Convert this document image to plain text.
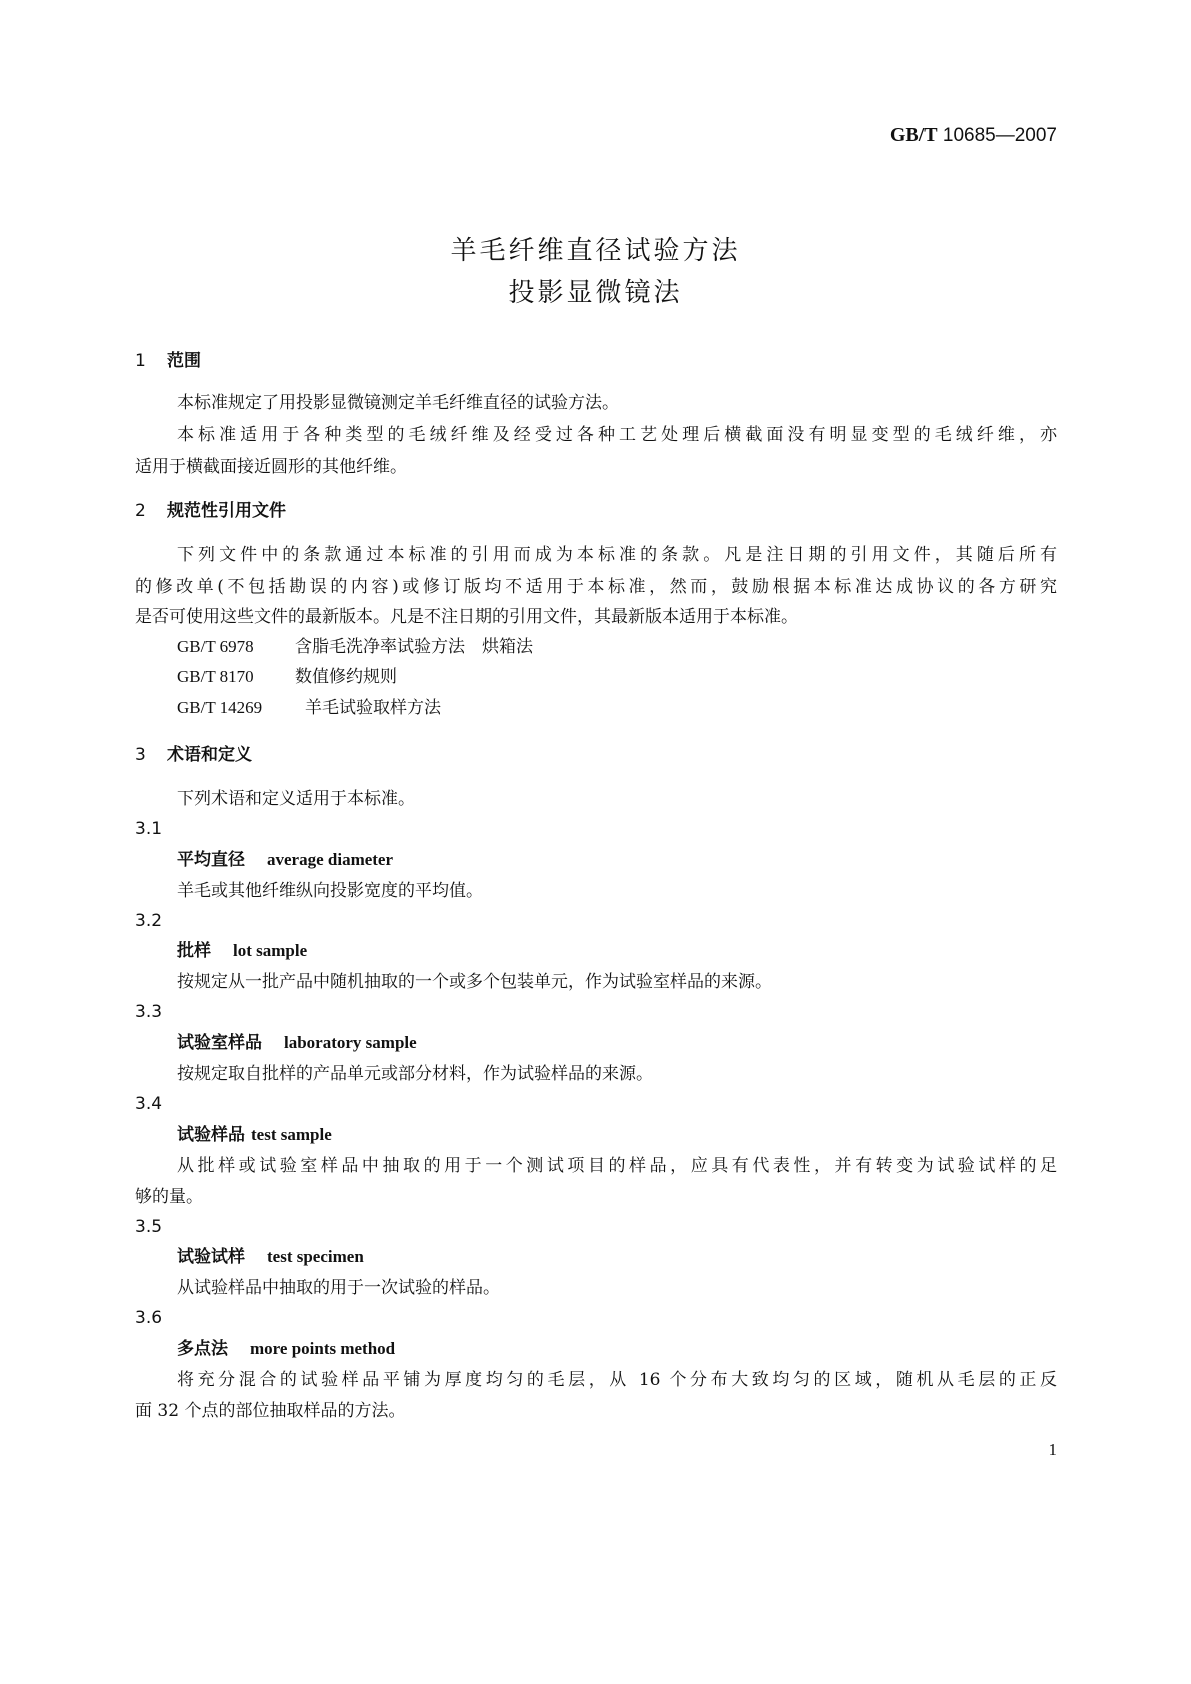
GB/T 10685—2007
羊毛纤维直径试验方法
投影显微镜法
1 范围
本标准规定了用投影显微镜测定羊毛纤维直径的试验方法。
本标准适用于各种类型的毛绒纤维及经受过各种工艺处理后横截面没有明显变型的毛绒纤维，亦
适用于横截面接近圆形的其他纤维。
2 规范性引用文件
下列文件中的条款通过本标准的引用而成为本标准的条款。凡是注日期的引用文件，其随后所有
的修改单(不包括勘误的内容)或修订版均不适用于本标准，然而，鼓励根据本标准达成协议的各方研究
是否可使用这些文件的最新版本。凡是不注日期的引用文件，其最新版本适用于本标准。
GB/T 6978 含脂毛洗净率试验方法　烘箱法
GB/T 8170 数值修约规则
GB/T 14269	羊毛试验取样方法
3 术语和定义
下列术语和定义适用于本标准。
3.1
平均直径 average diameter
羊毛或其他纤维纵向投影宽度的平均值。
3.2
批样 lot sample
按规定从一批产品中随机抽取的一个或多个包装单元，作为试验室样品的来源。
3.3
试验室样品 laboratory sample
按规定取自批样的产品单元或部分材料，作为试验样品的来源。
3.4
试验样品 test sample
从批样或试验室样品中抽取的用于一个测试项目的样品，应具有代表性，并有转变为试验试样的足
够的量。
3.5
试验试样 test specimen
从试验样品中抽取的用于一次试验的样品。
3.6
多点法 more points method
将充分混合的试验样品平铺为厚度均匀的毛层，从 16 个分布大致均匀的区域，随机从毛层的正反
面 32 个点的部位抽取样品的方法。
1
